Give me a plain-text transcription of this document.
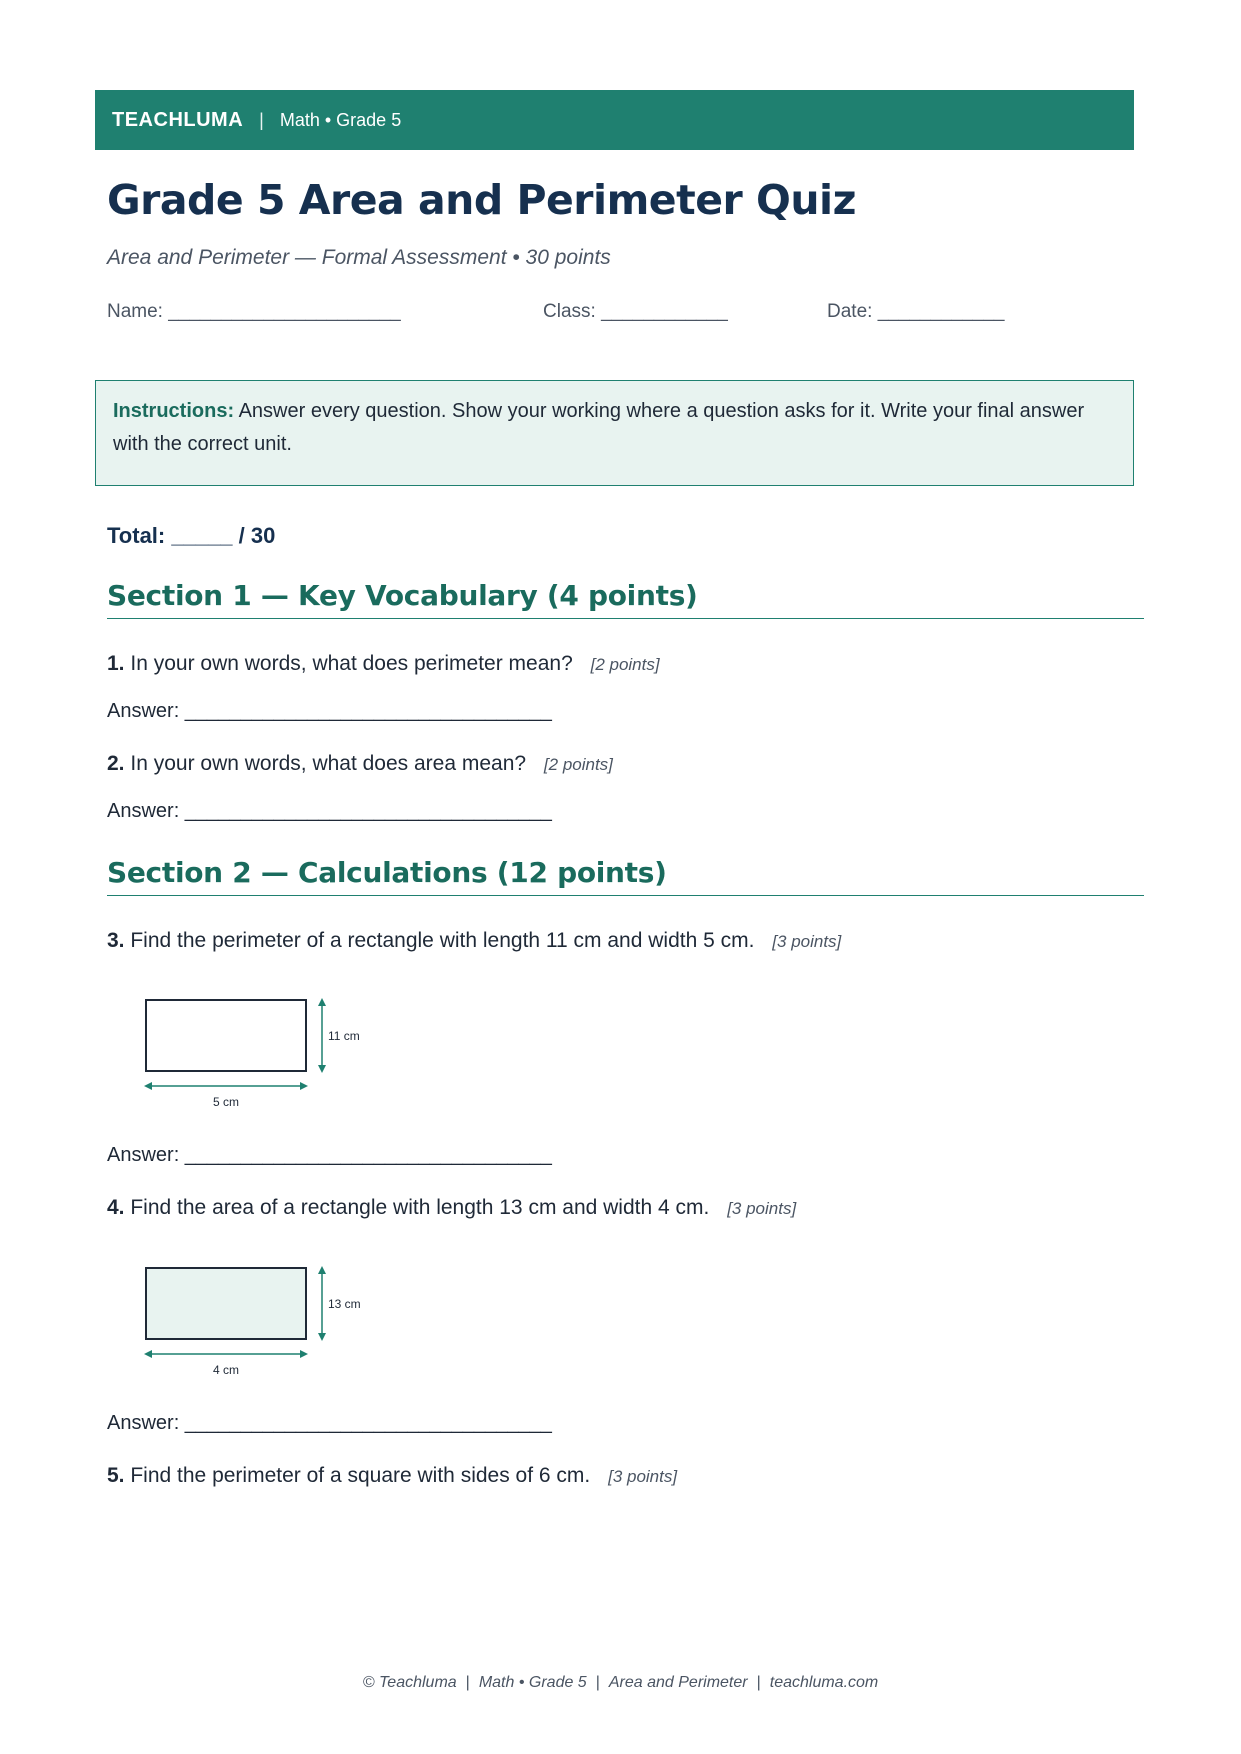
TEACHLUMA | Math • Grade 5
Grade 5 Area and Perimeter Quiz
Area and Perimeter — Formal Assessment • 30 points
Name: ______________________	Class: ____________	Date: ____________
Instructions: Answer every question. Show your working where a question asks for it. Write your final answer with the correct unit.
Total: _____ / 30
Section 1 — Key Vocabulary (4 points)
1. In your own words, what does perimeter mean? [2 points]
Answer: _________________________________
2. In your own words, what does area mean? [2 points]
Answer: _________________________________
Section 2 — Calculations (12 points)
3. Find the perimeter of a rectangle with length 11 cm and width 5 cm. [3 points]
11 cm
5 cm
Answer: _________________________________
4. Find the area of a rectangle with length 13 cm and width 4 cm. [3 points]
13 cm
4 cm
Answer: _________________________________
5. Find the perimeter of a square with sides of 6 cm. [3 points]
© Teachluma | Math • Grade 5 | Area and Perimeter | teachluma.com
